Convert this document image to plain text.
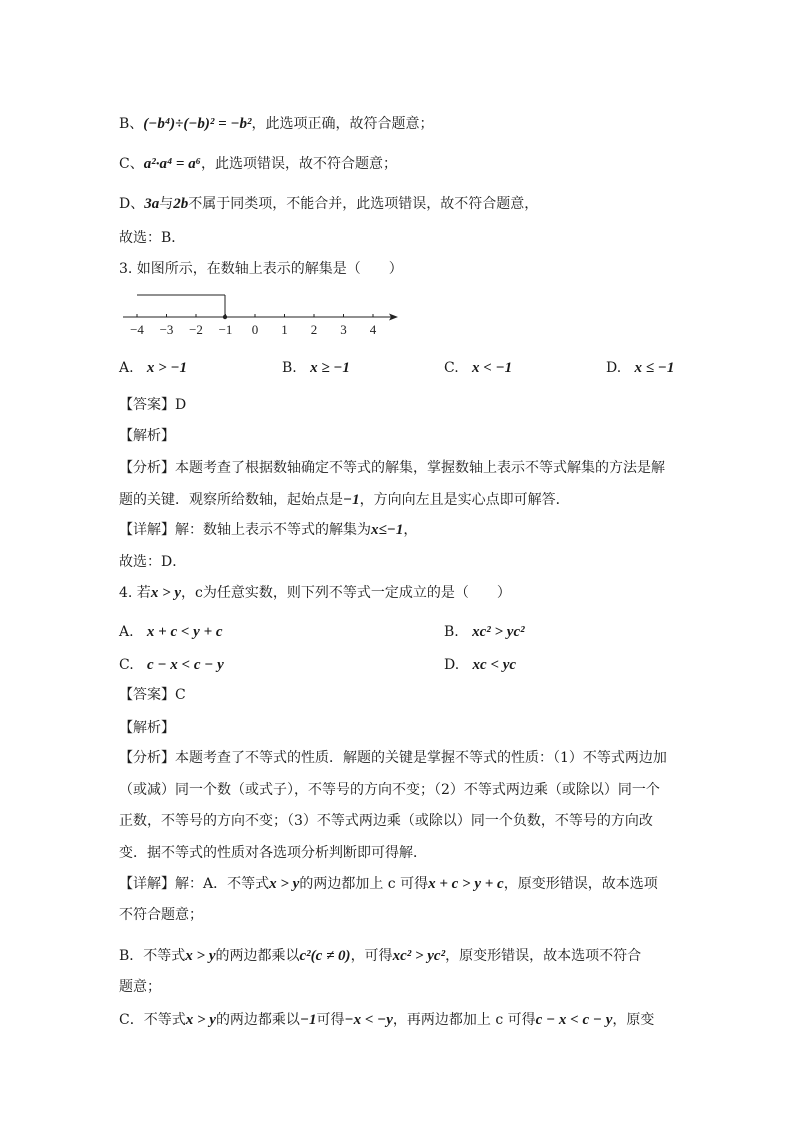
B、(−b⁴)÷(−b)² = −b²，此选项正确，故符合题意；
C、a²·a⁴ = a⁶，此选项错误，故不符合题意；
D、3a与2b不属于同类项，不能合并，此选项错误，故不符合题意，
故选：B．
3. 如图所示，在数轴上表示的解集是（　　）
−4 −3 −2 −1 0 1 2 3 4
A. x > −1	B. x ≥ −1	C. x < −1	D. x ≤ −1
【答案】D
【解析】
【分析】本题考查了根据数轴确定不等式的解集，掌握数轴上表示不等式解集的方法是解
题的关键．观察所给数轴，起始点是−1，方向向左且是实心点即可解答．
【详解】解：数轴上表示不等式的解集为x≤−1，
故选：D．
4. 若x > y，c为任意实数，则下列不等式一定成立的是（　　）
A. x + c < y + c	B. xc² > yc²
C. c − x < c − y	D. xc < yc
【答案】C
【解析】
【分析】本题考查了不等式的性质．解题的关键是掌握不等式的性质：（1）不等式两边加
（或减）同一个数（或式子），不等号的方向不变；（2）不等式两边乘（或除以）同一个
正数，不等号的方向不变；（3）不等式两边乘（或除以）同一个负数，不等号的方向改
变．据不等式的性质对各选项分析判断即可得解．
【详解】解：A．不等式x > y的两边都加上 c 可得x + c > y + c，原变形错误，故本选项
不符合题意；
B．不等式x > y的两边都乘以c²(c ≠ 0)，可得xc² > yc²，原变形错误，故本选项不符合
题意；
C．不等式x > y的两边都乘以−1可得−x < −y，再两边都加上 c 可得c − x < c − y，原变
